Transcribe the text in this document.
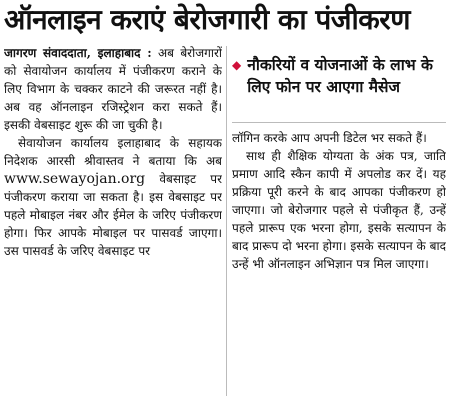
ऑनलाइन कराएं बेरोजगारी का पंजीकरण
जागरण संवाददाता, इलाहाबाद : अब बेरोजगारों को सेवायोजन कार्यालय में पंजीकरण कराने के लिए विभाग के चक्कर काटने की जरूरत नहीं है। अब वह ऑनलाइन रजिस्ट्रेशन करा सकते हैं। इसकी वेबसाइट शुरू की जा चुकी है।
सेवायोजन कार्यालय इलाहाबाद के सहायक निदेशक आरसी श्रीवास्तव ने बताया कि अब www.sewayojan.org वेबसाइट पर पंजीकरण कराया जा सकता है। इस वेबसाइट पर पहले मोबाइल नंबर और ईमेल के जरिए पंजीकरण होगा। फिर आपके मोबाइल पर पासवर्ड जाएगा। उस पासवर्ड के जरिए वेबसाइट पर
◆ नौकरियों व योजनाओं के लाभ के लिए फोन पर आएगा मैसेज
लॉगिन करके आप अपनी डिटेल भर सकते हैं।
साथ ही शैक्षिक योग्यता के अंक पत्र, जाति प्रमाण आदि स्कैन कापी में अपलोड कर दें। यह प्रक्रिया पूरी करने के बाद आपका पंजीकरण हो जाएगा। जो बेरोजगार पहले से पंजीकृत हैं, उन्हें पहले प्रारूप एक भरना होगा, इसके सत्यापन के बाद प्रारूप दो भरना होगा। इसके सत्यापन के बाद उन्हें भी ऑनलाइन अभिज्ञान पत्र मिल जाएगा।
